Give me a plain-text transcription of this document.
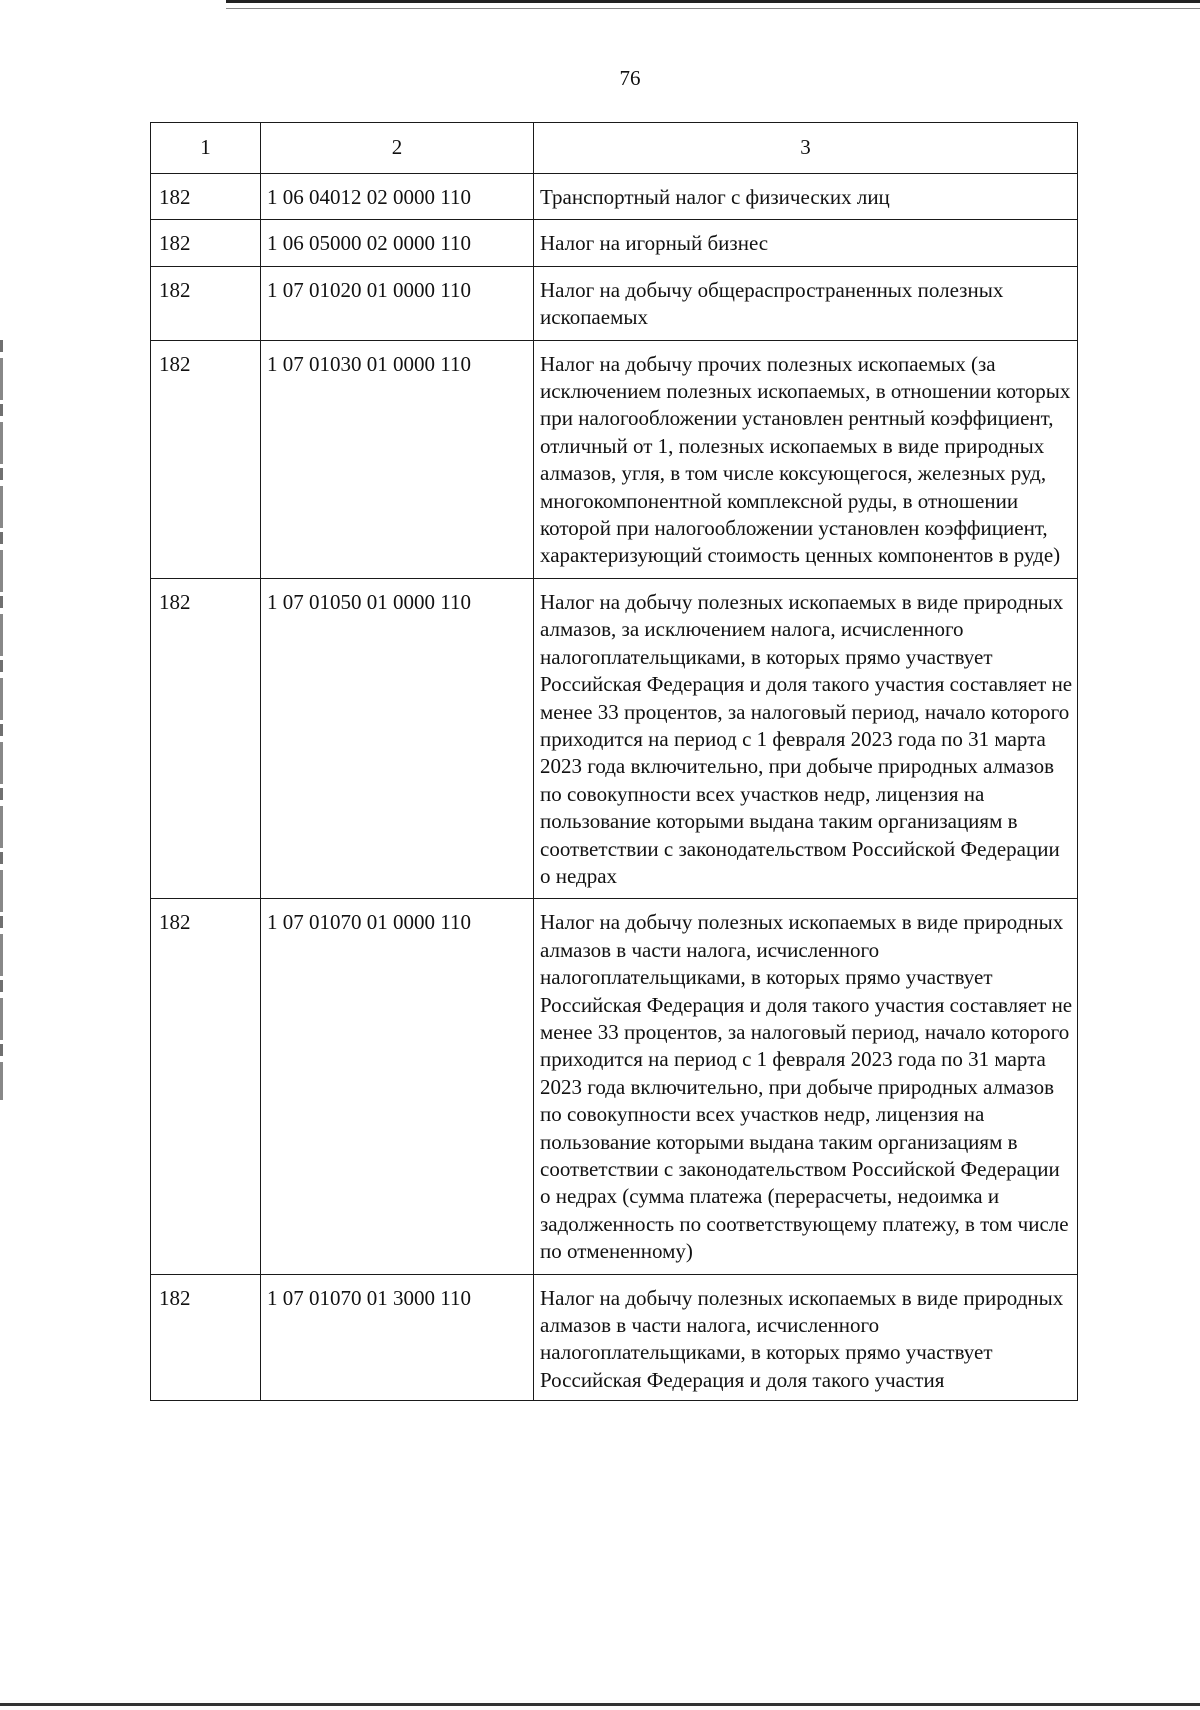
76
1	2	3
182	1 06 04012 02 0000 110	Транспортный налог с физических лиц
182	1 06 05000 02 0000 110	Налог на игорный бизнес
182	1 07 01020 01 0000 110	Налог на добычу общераспространенных полезных ископаемых
182	1 07 01030 01 0000 110	Налог на добычу прочих полезных ископаемых (за исключением полезных ископаемых, в отношении которых при налогообложении установлен рентный коэффициент, отличный от 1, полезных ископаемых в виде природных алмазов, угля, в том числе коксующегося, железных руд, многокомпонентной комплексной руды, в отношении которой при налогообложении установлен коэффициент, характеризующий стоимость ценных компонентов в руде)
182	1 07 01050 01 0000 110	Налог на добычу полезных ископаемых в виде природных алмазов, за исключением налога, исчисленного налогоплательщиками, в которых прямо участвует Российская Федерация и доля такого участия составляет не менее 33 процентов, за налоговый период, начало которого приходится на период с 1 февраля 2023 года по 31 марта 2023 года включительно, при добыче природных алмазов по совокупности всех участков недр, лицензия на пользование которыми выдана таким организациям в соответствии с законодательством Российской Федерации о недрах
182	1 07 01070 01 0000 110	Налог на добычу полезных ископаемых в виде природных алмазов в части налога, исчисленного налогоплательщиками, в которых прямо участвует Российская Федерация и доля такого участия составляет не менее 33 процентов, за налоговый период, начало которого приходится на период с 1 февраля 2023 года по 31 марта 2023 года включительно, при добыче природных алмазов по совокупности всех участков недр, лицензия на пользование которыми выдана таким организациям в соответствии с законодательством Российской Федерации о недрах (сумма платежа (перерасчеты, недоимка и задолженность по соответствующему платежу, в том числе по отмененному)
182	1 07 01070 01 3000 110	Налог на добычу полезных ископаемых в виде природных алмазов в части налога, исчисленного налогоплательщиками, в которых прямо участвует Российская Федерация и доля такого участия
